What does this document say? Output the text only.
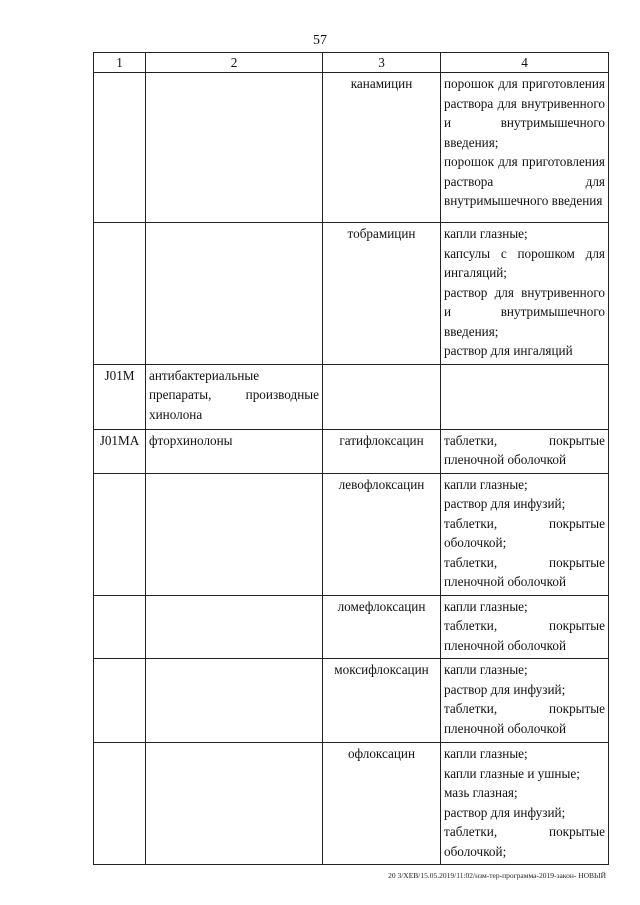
57
1	2	3	4
		канамицин	порошок для приготовления раствора для внутривенного и внутримышечного введения;
порошок для приготовления раствора для внутримышечного введения

		тобрамицин	капли глазные;
капсулы с порошком для ингаляций;
раствор для внутривенного и внутримышечного введения;
раствор для ингаляций

J01M	антибактериальные препараты, производные хинолона		
J01MA	фторхинолоны	гатифлоксацин	таблетки, покрытые пленочной оболочкой

		левофлоксацин	капли глазные;
раствор для инфузий;
таблетки, покрытые оболочкой;
таблетки, покрытые пленочной оболочкой

		ломефлоксацин	капли глазные;
таблетки, покрытые пленочной оболочкой

		моксифлоксацин	капли глазные;
раствор для инфузий;
таблетки, покрытые пленочной оболочкой

		офлоксацин	капли глазные;
капли глазные и ушные;
мазь глазная;
раствор для инфузий;
таблетки, покрытые оболочкой;
20 3/ХЕВ/15.05.2019/11:02/нзм-тер-программа-2019-закон- НОВЫЙ
